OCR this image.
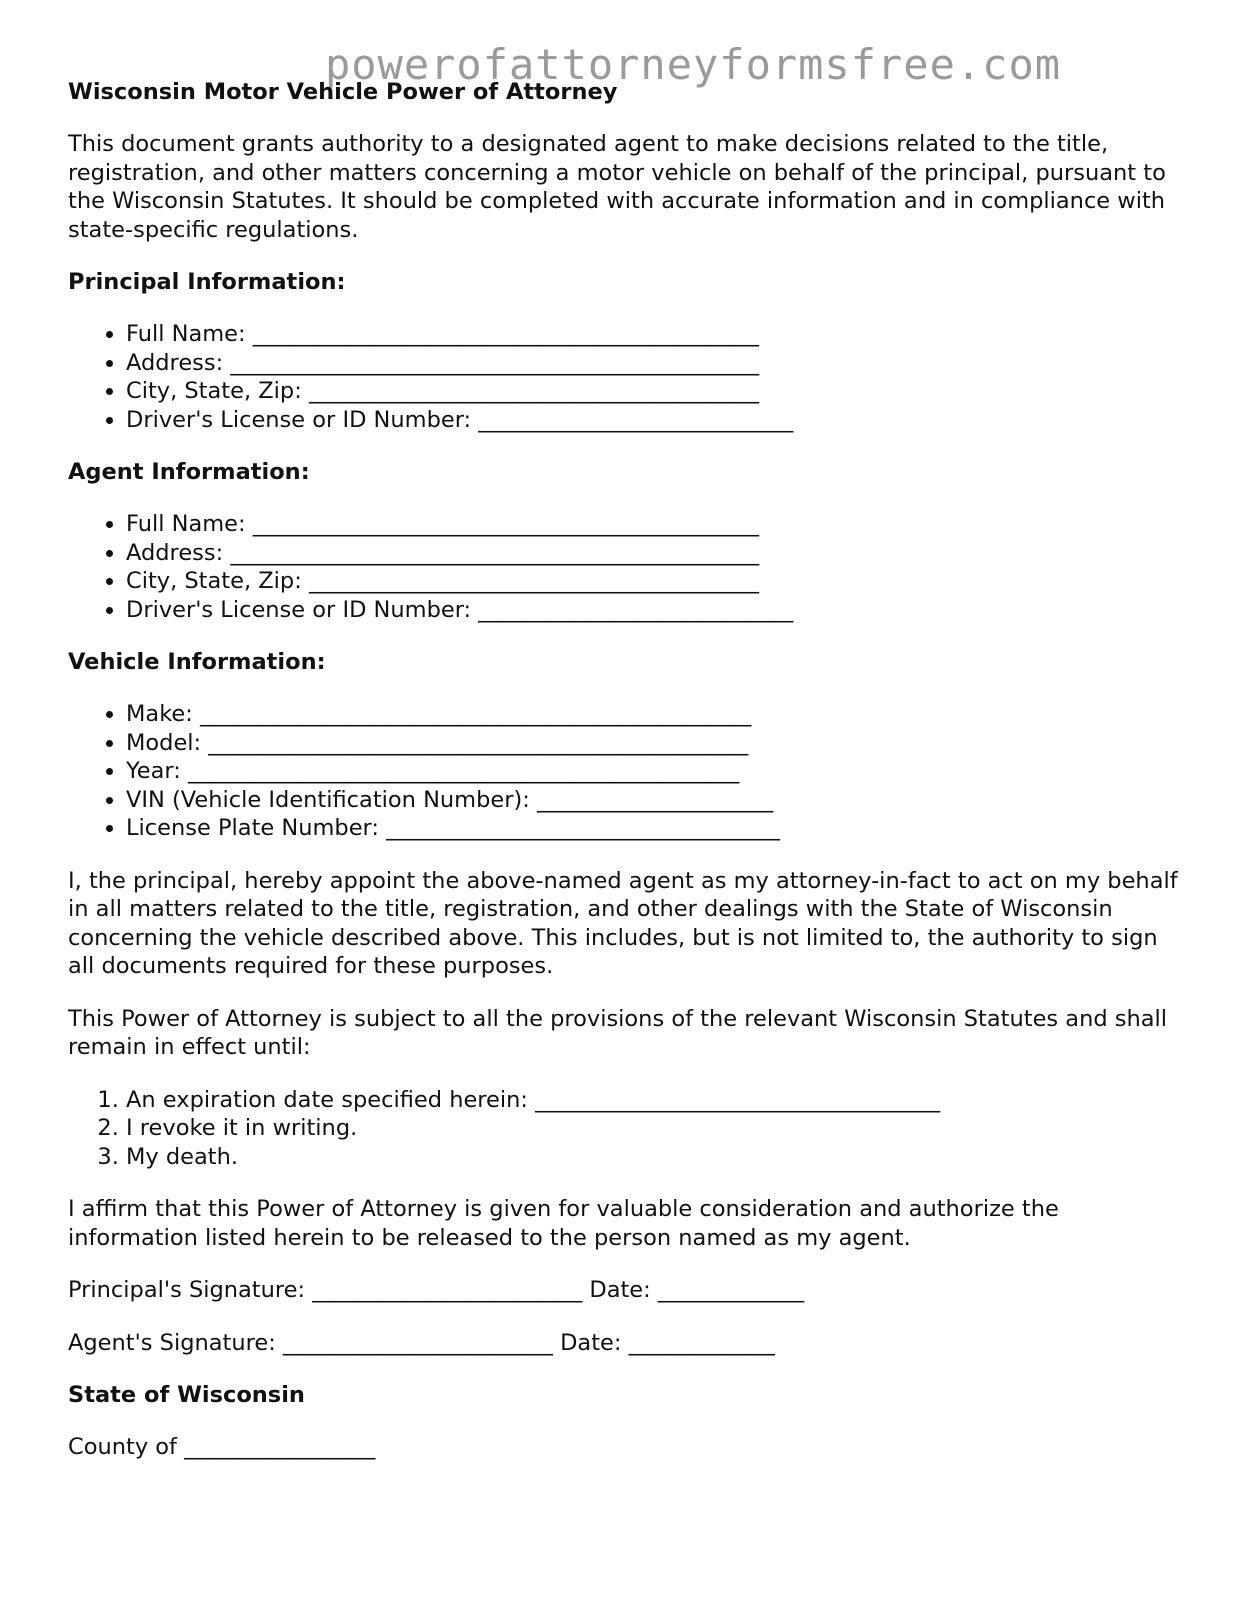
powerofattorneyformsfree.com
Wisconsin Motor Vehicle Power of Attorney

This document grants authority to a designated agent to make decisions related to the title, registration, and other matters concerning a motor vehicle on behalf of the principal, pursuant to the Wisconsin Statutes. It should be completed with accurate information and in compliance with state-specific regulations.

Principal Information:
• Full Name: _____________________________________________
• Address: _______________________________________________
• City, State, Zip: ________________________________________
• Driver's License or ID Number: ____________________________
Agent Information:
• Full Name: _____________________________________________
• Address: _______________________________________________
• City, State, Zip: ________________________________________
• Driver's License or ID Number: ____________________________
Vehicle Information:
• Make: _________________________________________________
• Model: ________________________________________________
• Year: _________________________________________________
• VIN (Vehicle Identification Number): _____________________
• License Plate Number: ___________________________________

I, the principal, hereby appoint the above-named agent as my attorney-in-fact to act on my behalf in all matters related to the title, registration, and other dealings with the State of Wisconsin concerning the vehicle described above. This includes, but is not limited to, the authority to sign all documents required for these purposes.

This Power of Attorney is subject to all the provisions of the relevant Wisconsin Statutes and shall remain in effect until:

1. An expiration date specified herein: ____________________________________
2. I revoke it in writing.
3. My death.

I affirm that this Power of Attorney is given for valuable consideration and authorize the information listed herein to be released to the person named as my agent.

Principal's Signature: ________________________ Date: _____________

Agent's Signature: ________________________ Date: _____________

State of Wisconsin

County of _________________
